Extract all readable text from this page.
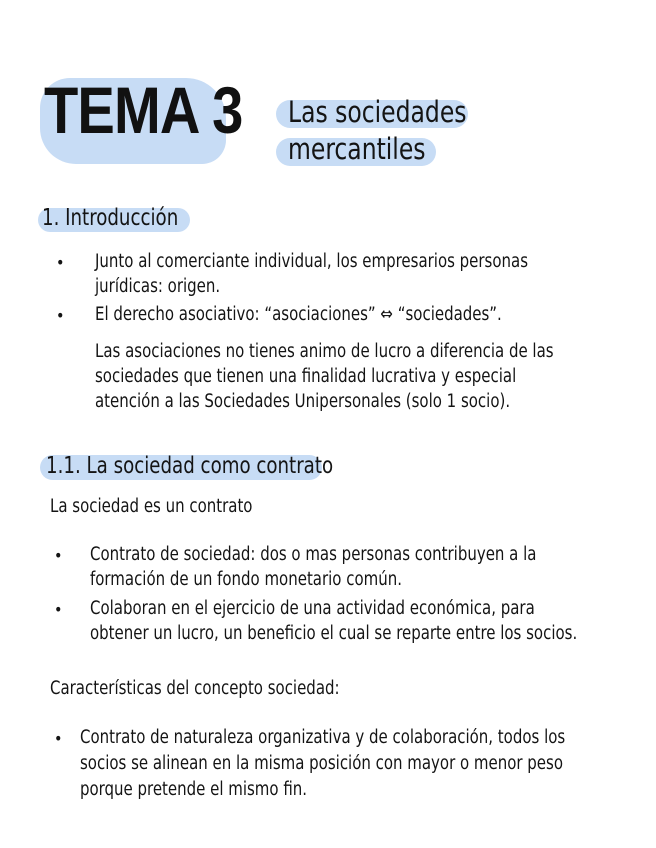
TEMA 3 Las sociedades
mercantiles
1. Introducción
• Junto al comerciante individual, los empresarios personas
jurídicas: origen.
• El derecho asociativo: “asociaciones” ⇔ “sociedades”.
Las asociaciones no tienes animo de lucro a diferencia de las
sociedades que tienen una finalidad lucrativa y especial
atención a las Sociedades Unipersonales (solo 1 socio).
1.1. La sociedad como contrato
La sociedad es un contrato
• Contrato de sociedad: dos o mas personas contribuyen a la
formación de un fondo monetario común.
• Colaboran en el ejercicio de una actividad económica, para
obtener un lucro, un beneficio el cual se reparte entre los socios.
Características del concepto sociedad:
• Contrato de naturaleza organizativa y de colaboración, todos los
socios se alinean en la misma posición con mayor o menor peso
porque pretende el mismo fin.
